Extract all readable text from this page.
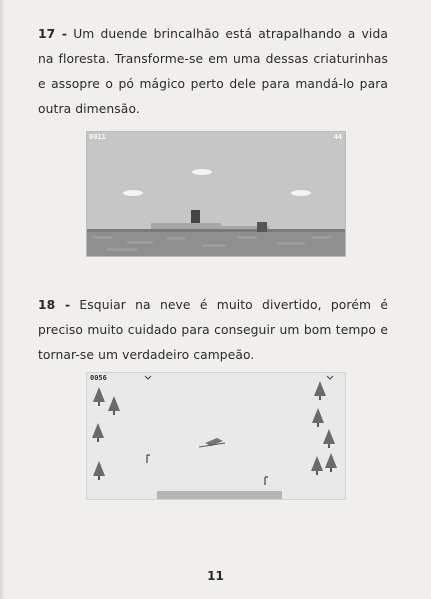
17 - Um duende brincalhão está atrapalhando a vida na floresta. Transforme-se em uma dessas criaturinhas e assopre o pó mágico perto dele para mandá-lo para outra dimensão.

0011	44

18 - Esquiar na neve é muito divertido, porém é preciso muito cuidado para conseguir um bom tempo e tornar-se um verdadeiro campeão.

0056
11
